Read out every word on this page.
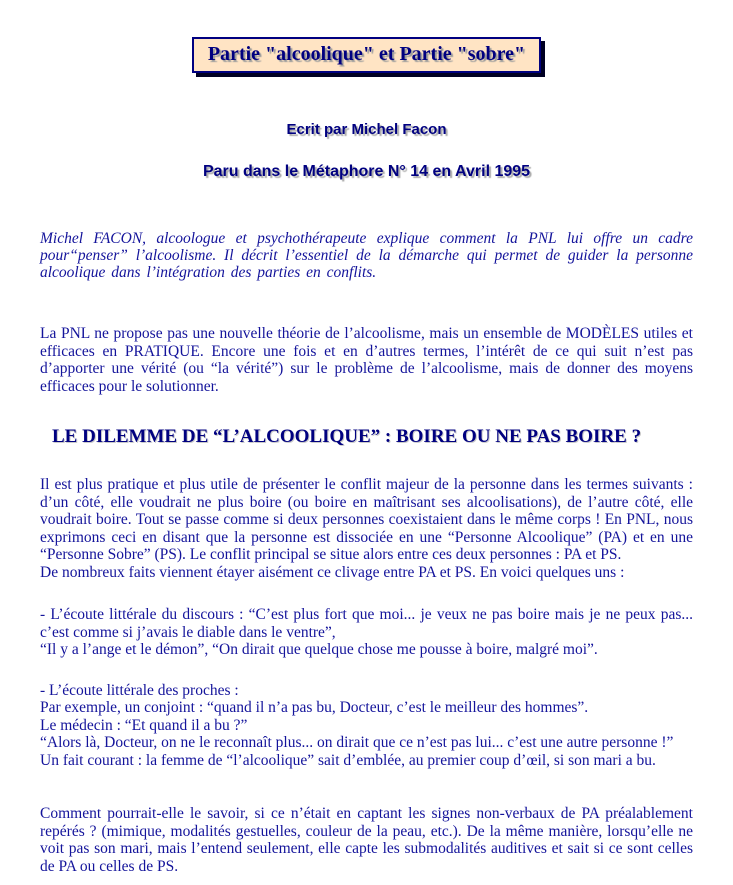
Partie "alcoolique" et Partie "sobre"
Ecrit par Michel Facon
Paru dans le Métaphore N° 14 en Avril 1995

Michel FACON, alcoologue et psychothérapeute explique comment la PNL lui offre un cadre pour“penser” l’alcoolisme. Il décrit l’essentiel de la démarche qui permet de guider la personne alcoolique dans l’intégration des parties en conflits.

La PNL ne propose pas une nouvelle théorie de l’alcoolisme, mais un ensemble de MODÈLES utiles et efficaces en PRATIQUE. Encore une fois et en d’autres termes, l’intérêt de ce qui suit n’est pas d’apporter une vérité (ou “la vérité”) sur le problème de l’alcoolisme, mais de donner des moyens efficaces pour le solutionner.

LE DILEMME DE “L’ALCOOLIQUE” : BOIRE OU NE PAS BOIRE ?

Il est plus pratique et plus utile de présenter le conflit majeur de la personne dans les termes suivants : d’un côté, elle voudrait ne plus boire (ou boire en maîtrisant ses alcoolisations), de l’autre côté, elle voudrait boire. Tout se passe comme si deux personnes coexistaient dans le même corps ! En PNL, nous exprimons ceci en disant que la personne est dissociée en une “Personne Alcoolique” (PA) et en une “Personne Sobre” (PS). Le conflit principal se situe alors entre ces deux personnes : PA et PS.
De nombreux faits viennent étayer aisément ce clivage entre PA et PS. En voici quelques uns :

- L’écoute littérale du discours : “C’est plus fort que moi... je veux ne pas boire mais je ne peux pas... c’est comme si j’avais le diable dans le ventre”,
“Il y a l’ange et le démon”, “On dirait que quelque chose me pousse à boire, malgré moi”.

- L’écoute littérale des proches :
Par exemple, un conjoint : “quand il n’a pas bu, Docteur, c’est le meilleur des hommes”.
Le médecin : “Et quand il a bu ?”
“Alors là, Docteur, on ne le reconnaît plus... on dirait que ce n’est pas lui... c’est une autre personne !”
Un fait courant : la femme de “l’alcoolique” sait d’emblée, au premier coup d’œil, si son mari a bu.

Comment pourrait-elle le savoir, si ce n’était en captant les signes non-verbaux de PA préalablement repérés ? (mimique, modalités gestuelles, couleur de la peau, etc.). De la même manière, lorsqu’elle ne voit pas son mari, mais l’entend seulement, elle capte les submodalités auditives et sait si ce sont celles de PA ou celles de PS.
